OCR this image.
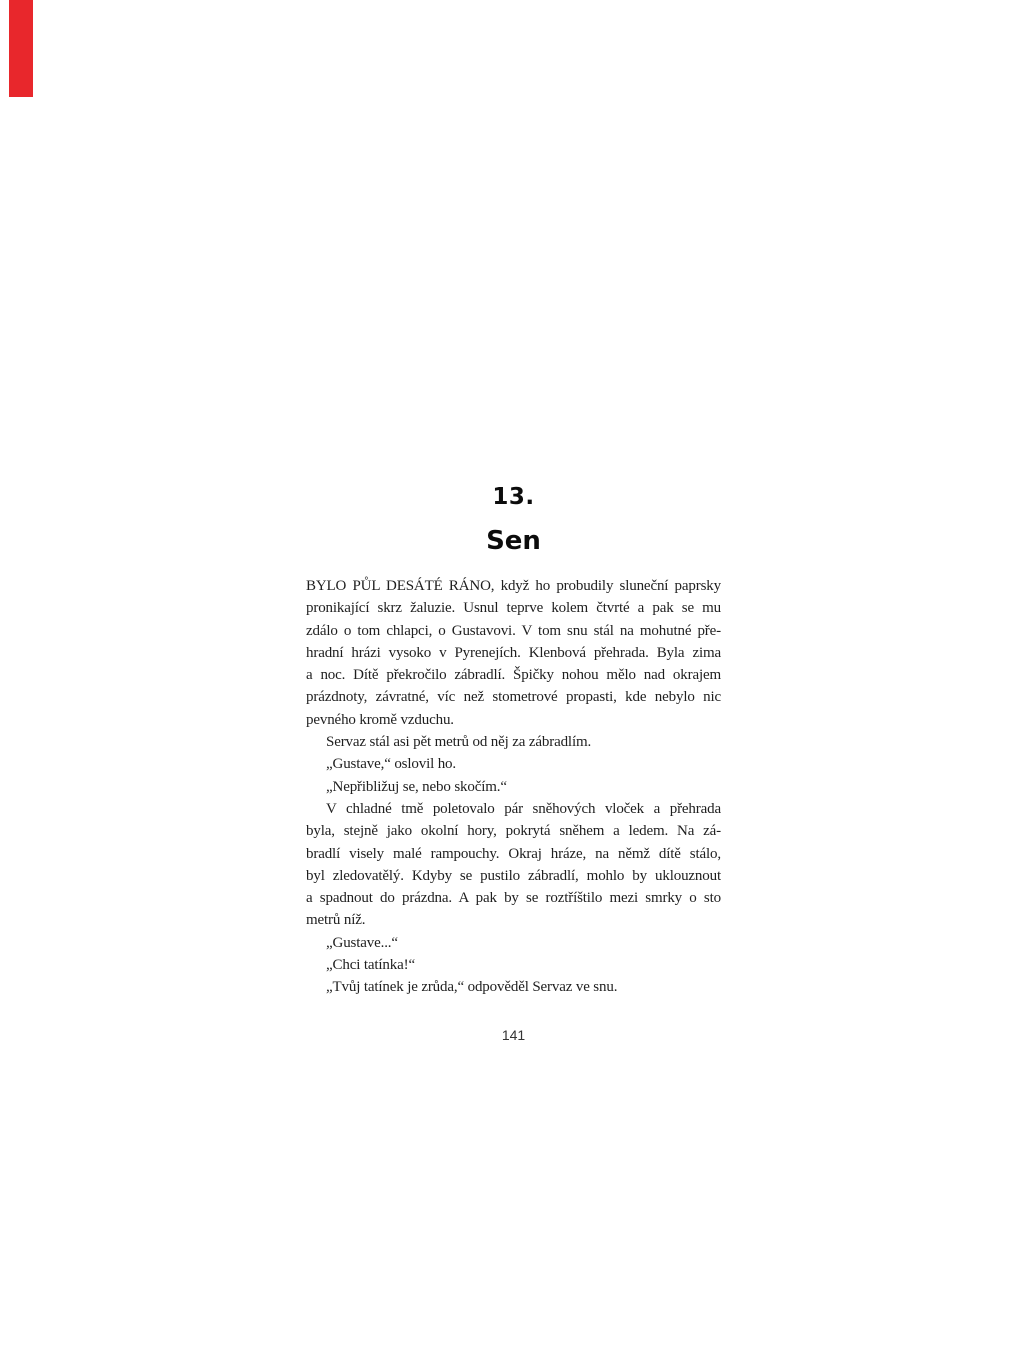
13.
Sen
BYLO PŮL DESÁTÉ RÁNO, když ho probudily sluneční paprsky
pronikající skrz žaluzie. Usnul teprve kolem čtvrté a pak se mu
zdálo o tom chlapci, o Gustavovi. V tom snu stál na mohutné pře-
hradní hrázi vysoko v Pyrenejích. Klenbová přehrada. Byla zima
a noc. Dítě překročilo zábradlí. Špičky nohou mělo nad okrajem
prázdnoty, závratné, víc než stometrové propasti, kde nebylo nic
pevného kromě vzduchu.
Servaz stál asi pět metrů od něj za zábradlím.
„Gustave,“ oslovil ho.
„Nepřibližuj se, nebo skočím.“
V chladné tmě poletovalo pár sněhových vloček a přehrada
byla, stejně jako okolní hory, pokrytá sněhem a ledem. Na zá-
bradlí visely malé rampouchy. Okraj hráze, na němž dítě stálo,
byl zledovatělý. Kdyby se pustilo zábradlí, mohlo by uklouznout
a spadnout do prázdna. A pak by se roztříštilo mezi smrky o sto
metrů níž.
„Gustave...“
„Chci tatínka!“
„Tvůj tatínek je zrůda,“ odpověděl Servaz ve snu.
141
